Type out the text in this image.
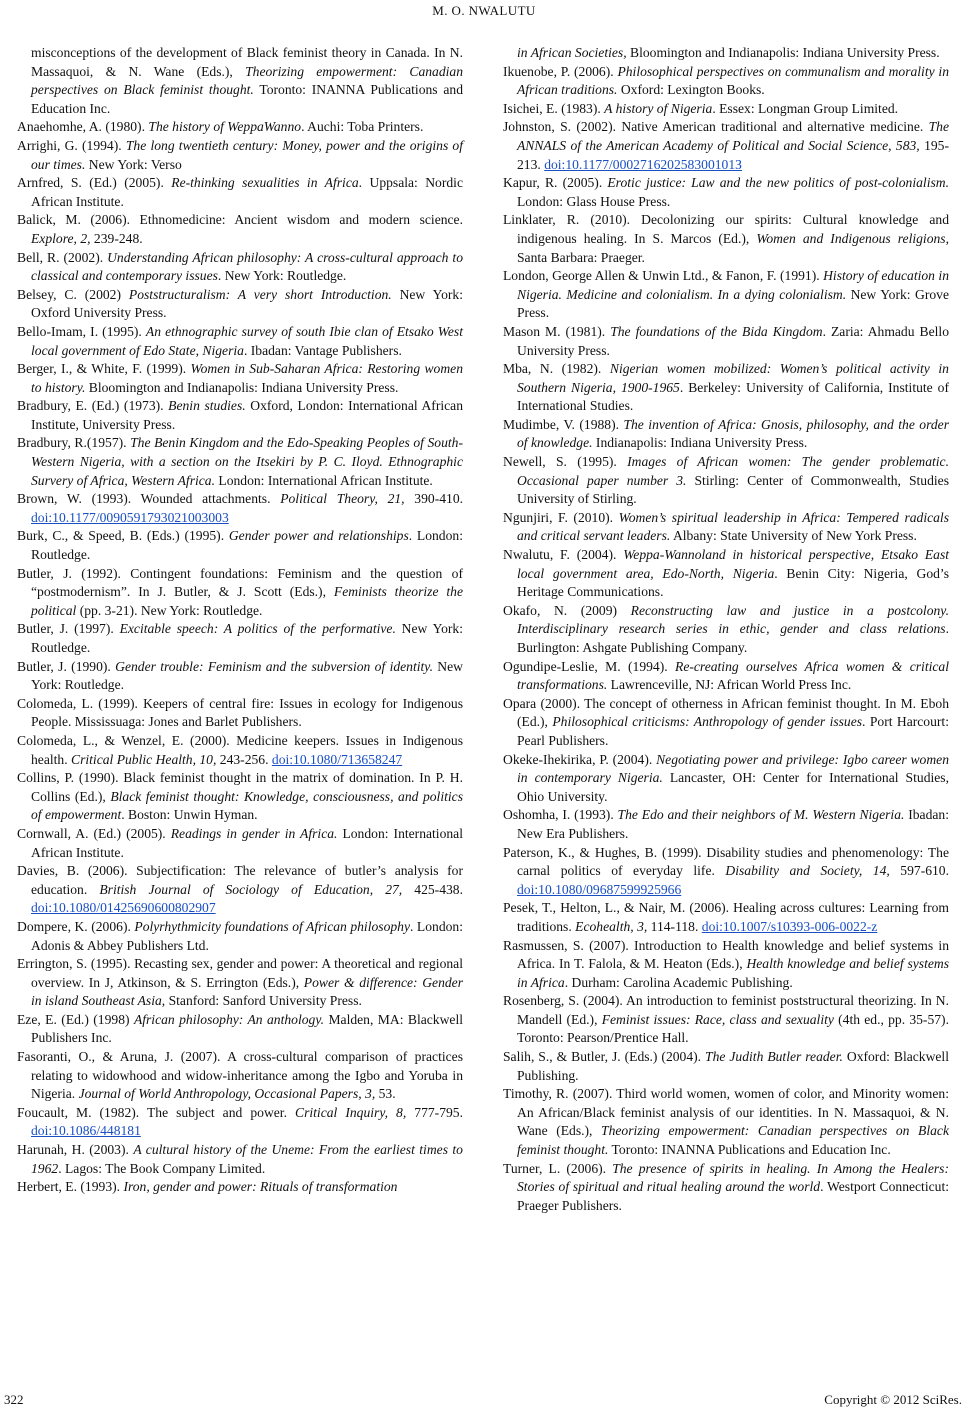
M. O. NWALUTU

misconceptions of the development of Black feminist theory in Canada. In N. Massaquoi, & N. Wane (Eds.), Theorizing empowerment: Canadian perspectives on Black feminist thought. Toronto: INANNA Publications and Education Inc.

Anaehomhe, A. (1980). The history of WeppaWanno. Auchi: Toba Printers.

Arrighi, G. (1994). The long twentieth century: Money, power and the origins of our times. New York: Verso

Arnfred, S. (Ed.) (2005). Re-thinking sexualities in Africa. Uppsala: Nordic African Institute.

Balick, M. (2006). Ethnomedicine: Ancient wisdom and modern science. Explore, 2, 239-248.

Bell, R. (2002). Understanding African philosophy: A cross-cultural approach to classical and contemporary issues. New York: Routledge.

Belsey, C. (2002) Poststructuralism: A very short Introduction. New York: Oxford University Press.

Bello-Imam, I. (1995). An ethnographic survey of south Ibie clan of Etsako West local government of Edo State, Nigeria. Ibadan: Vantage Publishers.

Berger, I., & White, F. (1999). Women in Sub-Saharan Africa: Restoring women to history. Bloomington and Indianapolis: Indiana University Press.

Bradbury, E. (Ed.) (1973). Benin studies. Oxford, London: International African Institute, University Press.

Bradbury, R.(1957). The Benin Kingdom and the Edo-Speaking Peoples of South-Western Nigeria, with a section on the Itsekiri by P. C. Iloyd. Ethnographic Survery of Africa, Western Africa. London: International African Institute.

Brown, W. (1993). Wounded attachments. Political Theory, 21, 390-410. doi:10.1177/0090591793021003003

Burk, C., & Speed, B. (Eds.) (1995). Gender power and relationships. London: Routledge.

Butler, J. (1992). Contingent foundations: Feminism and the question of “postmodernism”. In J. Butler, & J. Scott (Eds.), Feminists theorize the political (pp. 3-21). New York: Routledge.

Butler, J. (1997). Excitable speech: A politics of the performative. New York: Routledge.

Butler, J. (1990). Gender trouble: Feminism and the subversion of identity. New York: Routledge.

Colomeda, L. (1999). Keepers of central fire: Issues in ecology for Indigenous People. Mississuaga: Jones and Barlet Publishers.

Colomeda, L., & Wenzel, E. (2000). Medicine keepers. Issues in Indigenous health. Critical Public Health, 10, 243-256. doi:10.1080/713658247

Collins, P. (1990). Black feminist thought in the matrix of domination. In P. H. Collins (Ed.), Black feminist thought: Knowledge, consciousness, and politics of empowerment. Boston: Unwin Hyman.

Cornwall, A. (Ed.) (2005). Readings in gender in Africa. London: International African Institute.

Davies, B. (2006). Subjectification: The relevance of butler’s analysis for education. British Journal of Sociology of Education, 27, 425-438. doi:10.1080/01425690600802907

Dompere, K. (2006). Polyrhythmicity foundations of African philosophy. London: Adonis & Abbey Publishers Ltd.

Errington, S. (1995). Recasting sex, gender and power: A theoretical and regional overview. In J, Atkinson, & S. Errington (Eds.), Power & difference: Gender in island Southeast Asia, Stanford: Sanford University Press.

Eze, E. (Ed.) (1998) African philosophy: An anthology. Malden, MA: Blackwell Publishers Inc.

Fasoranti, O., & Aruna, J. (2007). A cross-cultural comparison of practices relating to widowhood and widow-inheritance among the Igbo and Yoruba in Nigeria. Journal of World Anthropology, Occasional Papers, 3, 53.

Foucault, M. (1982). The subject and power. Critical Inquiry, 8, 777-795. doi:10.1086/448181

Harunah, H. (2003). A cultural history of the Uneme: From the earliest times to 1962. Lagos: The Book Company Limited.

Herbert, E. (1993). Iron, gender and power: Rituals of transformation

in African Societies, Bloomington and Indianapolis: Indiana University Press.

Ikuenobe, P. (2006). Philosophical perspectives on communalism and morality in African traditions. Oxford: Lexington Books.

Isichei, E. (1983). A history of Nigeria. Essex: Longman Group Limited.

Johnston, S. (2002). Native American traditional and alternative medicine. The ANNALS of the American Academy of Political and Social Science, 583, 195-213. doi:10.1177/000271620258300101З

Kapur, R. (2005). Erotic justice: Law and the new politics of post-colonialism. London: Glass House Press.

Linklater, R. (2010). Decolonizing our spirits: Cultural knowledge and indigenous healing. In S. Marcos (Ed.), Women and Indigenous religions, Santa Barbara: Praeger.

London, George Allen & Unwin Ltd., & Fanon, F. (1991). History of education in Nigeria. Medicine and colonialism. In a dying colonialism. New York: Grove Press.

Mason M. (1981). The foundations of the Bida Kingdom. Zaria: Ahmadu Bello University Press.

Mba, N. (1982). Nigerian women mobilized: Women’s political activity in Southern Nigeria, 1900-1965. Berkeley: University of California, Institute of International Studies.

Mudimbe, V. (1988). The invention of Africa: Gnosis, philosophy, and the order of knowledge. Indianapolis: Indiana University Press.

Newell, S. (1995). Images of African women: The gender problematic. Occasional paper number 3. Stirling: Center of Commonwealth, Studies University of Stirling.

Ngunjiri, F. (2010). Women’s spiritual leadership in Africa: Tempered radicals and critical servant leaders. Albany: State University of New York Press.

Nwalutu, F. (2004). Weppa-Wannoland in historical perspective, Etsako East local government area, Edo-North, Nigeria. Benin City: Nigeria, God’s Heritage Communications.

Okafo, N. (2009) Reconstructing law and justice in a postcolony. Interdisciplinary research series in ethic, gender and class relations. Burlington: Ashgate Publishing Company.

Ogundipe-Leslie, M. (1994). Re-creating ourselves Africa women & critical transformations. Lawrenceville, NJ: African World Press Inc.

Opara (2000). The concept of otherness in African feminist thought. In M. Eboh (Ed.), Philosophical criticisms: Anthropology of gender issues. Port Harcourt: Pearl Publishers.

Okeke-Ihekirika, P. (2004). Negotiating power and privilege: Igbo career women in contemporary Nigeria. Lancaster, OH: Center for International Studies, Ohio University.

Oshomha, I. (1993). The Edo and their neighbors of M. Western Nigeria. Ibadan: New Era Publishers.

Paterson, K., & Hughes, B. (1999). Disability studies and phenomenology: The carnal politics of everyday life. Disability and Society, 14, 597-610. doi:10.1080/09687599925966

Pesek, T., Helton, L., & Nair, M. (2006). Healing across cultures: Learning from traditions. Ecohealth, 3, 114-118. doi:10.1007/s10393-006-0022-z

Rasmussen, S. (2007). Introduction to Health knowledge and belief systems in Africa. In T. Falola, & M. Heaton (Eds.), Health knowledge and belief systems in Africa. Durham: Carolina Academic Publishing.

Rosenberg, S. (2004). An introduction to feminist poststructural theorizing. In N. Mandell (Ed.), Feminist issues: Race, class and sexuality (4th ed., pp. 35-57). Toronto: Pearson/Prentice Hall.

Salih, S., & Butler, J. (Eds.) (2004). The Judith Butler reader. Oxford: Blackwell Publishing.

Timothy, R. (2007). Third world women, women of color, and Minority women: An African/Black feminist analysis of our identities. In N. Massaquoi, & N. Wane (Eds.), Theorizing empowerment: Canadian perspectives on Black feminist thought. Toronto: INANNA Publications and Education Inc.

Turner, L. (2006). The presence of spirits in healing. In Among the Healers: Stories of spiritual and ritual healing around the world. Westport Connecticut: Praeger Publishers.

322	Copyright © 2012 SciRes.
